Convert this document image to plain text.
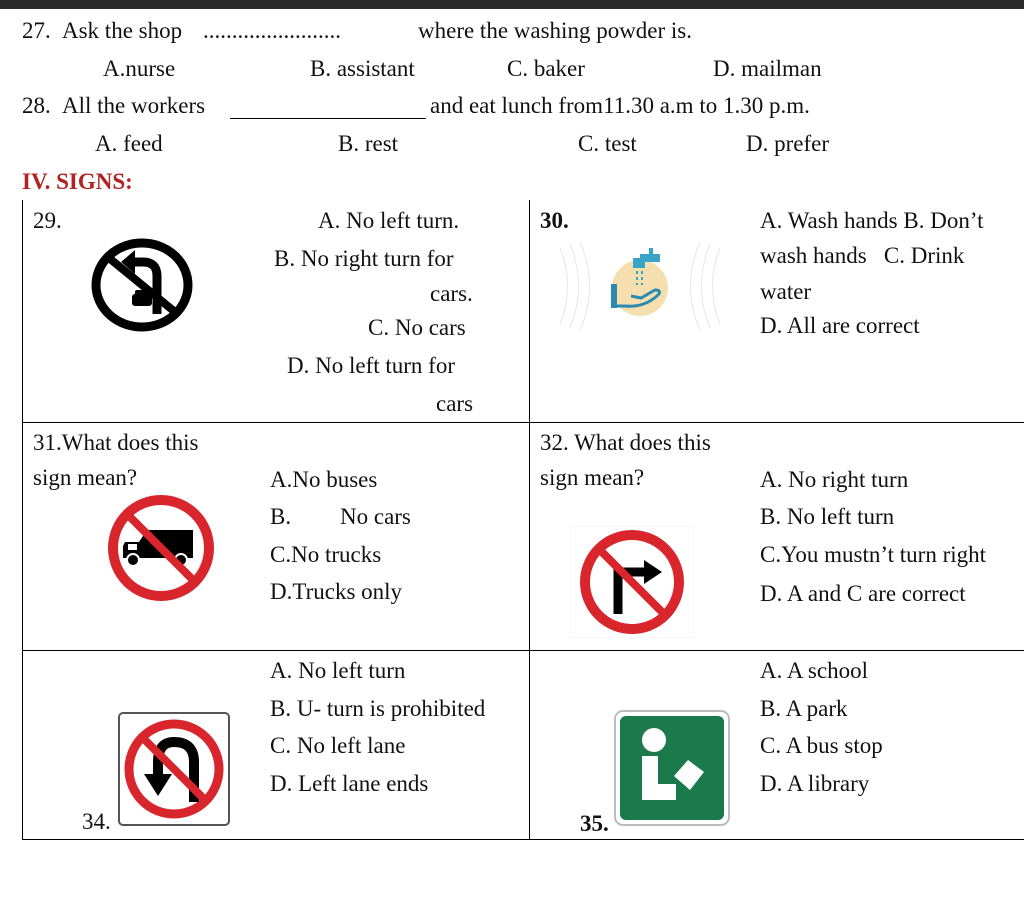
27. Ask the shop ........................	where the washing powder is.
A.nurse	B. assistant	C. baker	D. mailman
28. All the workers	and eat lunch from11.30 a.m to 1.30 p.m.
A. feed	B. rest	C. test	D. prefer
IV. SIGNS:
29.	A. No left turn.
B. No right turn for
cars.
C. No cars
D. No left turn for
cars
30.	A. Wash hands B. Don’t
wash hands   C. Drink
water
D. All are correct
31.What does this
sign mean?	A.No buses
B. No cars
C.No trucks
D.Trucks only
32. What does this
sign mean?	A. No right turn
B. No left turn
C.You mustn’t turn right
D. A and C are correct
34.
A. No left turn
B. U- turn is prohibited
C. No left lane
D. Left lane ends
35.
A. A school
B. A park
C. A bus stop
D. A library
